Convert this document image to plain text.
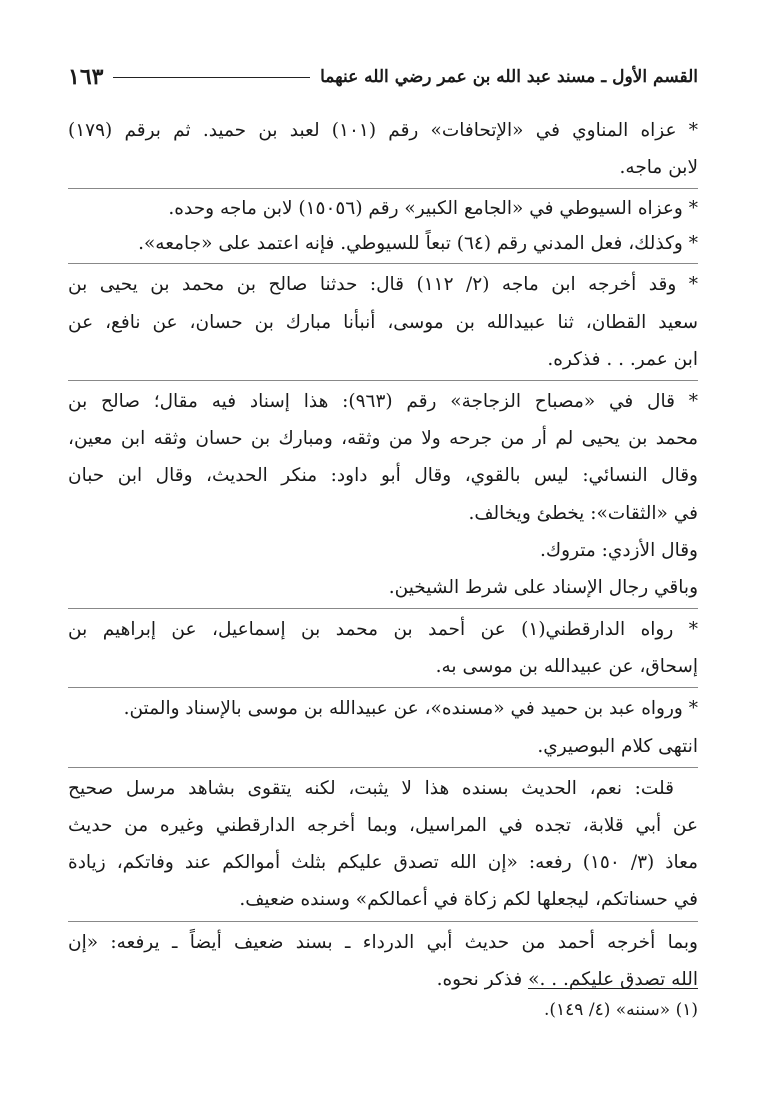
القسم الأول ـ مسند عبد الله بن عمر رضي الله عنهما
١٦٣
* عزاه المناوي في «الإتحافات» رقم (١٠١) لعبد بن حميد. ثم برقم (١٧٩)
لابن ماجه.
* وعزاه السيوطي في «الجامع الكبير» رقم (١٥٠٥٦) لابن ماجه وحده.
* وكذلك، فعل المدني رقم (٦٤) تبعاً للسيوطي. فإنه اعتمد على «جامعه».
* وقد أخرجه ابن ماجه (٢/ ١١٢) قال: حدثنا صالح بن محمد بن يحيى بن
سعيد القطان، ثنا عبيدالله بن موسى، أنبأنا مبارك بن حسان، عن نافع، عن
ابن عمر. . . فذكره.
* قال في «مصباح الزجاجة» رقم (٩٦٣): هذا إسناد فيه مقال؛ صالح بن
محمد بن يحيى لم أر من جرحه ولا من وثقه، ومبارك بن حسان وثقه ابن معين،
وقال النسائي: ليس بالقوي، وقال أبو داود: منكر الحديث، وقال ابن حبان
في «الثقات»: يخطئ ويخالف.
وقال الأزدي: متروك.
وباقي رجال الإسناد على شرط الشيخين.
* رواه الدارقطني(١) عن أحمد بن محمد بن إسماعيل، عن إبراهيم بن
إسحاق، عن عبيدالله بن موسى به.
* ورواه عبد بن حميد في «مسنده»، عن عبيدالله بن موسى بالإسناد والمتن.
انتهى كلام البوصيري.
قلت: نعم، الحديث بسنده هذا لا يثبت، لكنه يتقوى بشاهد مرسل صحيح
عن أبي قلابة، تجده في المراسيل، وبما أخرجه الدارقطني وغيره من حديث
معاذ (٣/ ١٥٠) رفعه: «إن الله تصدق عليكم بثلث أموالكم عند وفاتكم، زيادة
في حسناتكم، ليجعلها لكم زكاة في أعمالكم» وسنده ضعيف.
وبما أخرجه أحمد من حديث أبي الدرداء ـ بسند ضعيف أيضاً ـ يرفعه: «إن
الله تصدق عليكم. . .» فذكر نحوه.
(١) «سننه» (٤/ ١٤٩).
